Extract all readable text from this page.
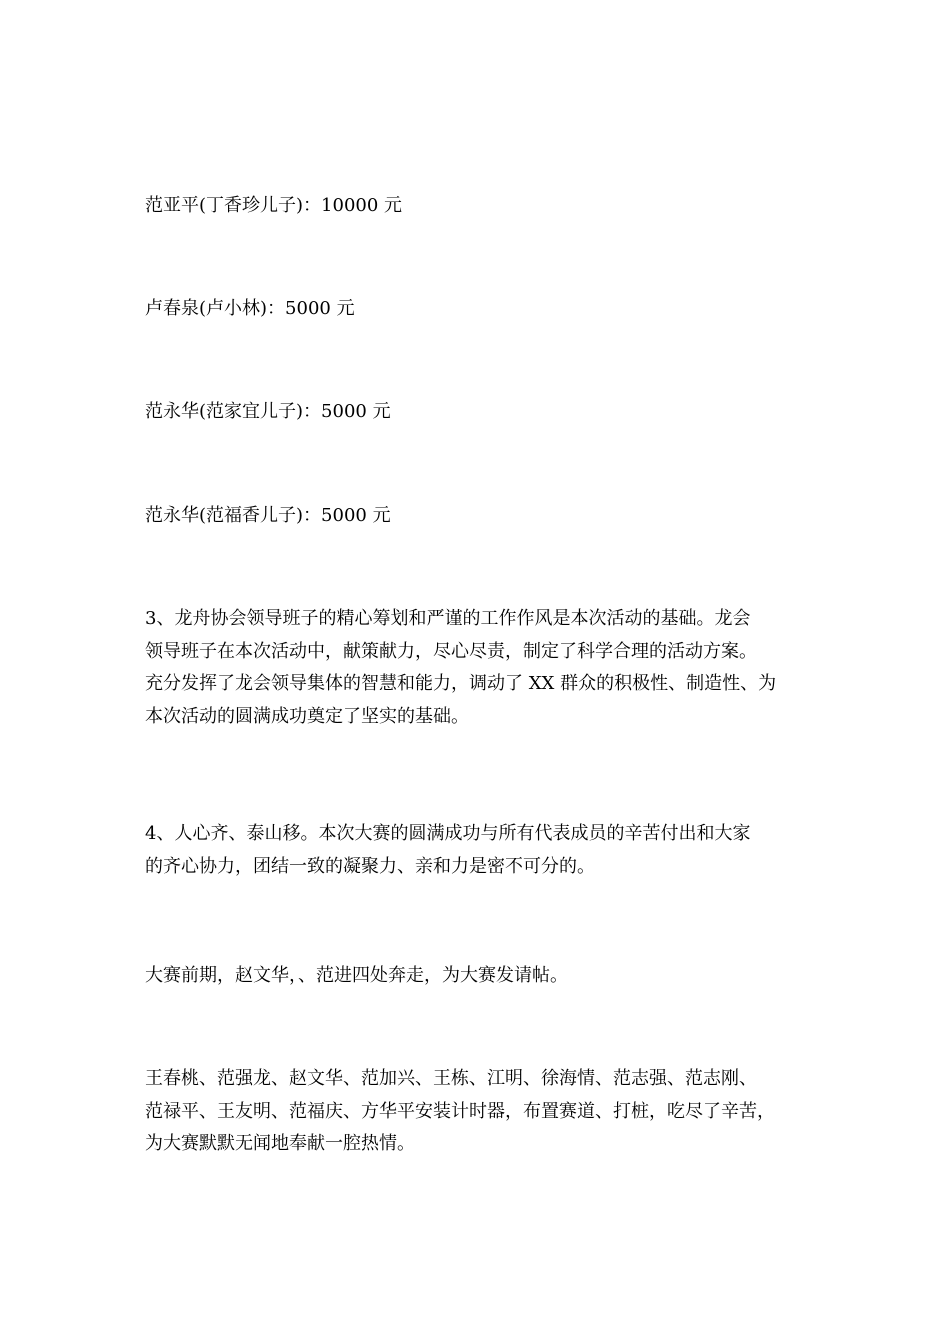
范亚平(丁香珍儿子)：10000 元

卢春泉(卢小林)：5000 元

范永华(范家宜儿子)：5000 元

范永华(范福香儿子)：5000 元

3、龙舟协会领导班子的精心筹划和严谨的工作作风是本次活动的基础。龙会
领导班子在本次活动中，献策献力，尽心尽责，制定了科学合理的活动方案。
充分发挥了龙会领导集体的智慧和能力，调动了 XX 群众的积极性、制造性、为
本次活动的圆满成功奠定了坚实的基础。
4、人心齐、泰山移。本次大赛的圆满成功与所有代表成员的辛苦付出和大家
的齐心协力，团结一致的凝聚力、亲和力是密不可分的。
大赛前期，赵文华，、范进四处奔走，为大赛发请帖。
王春桃、范强龙、赵文华、范加兴、王栋、江明、徐海情、范志强、范志刚、
范禄平、王友明、范福庆、方华平安装计时器，布置赛道、打桩，吃尽了辛苦，
为大赛默默无闻地奉献一腔热情。
